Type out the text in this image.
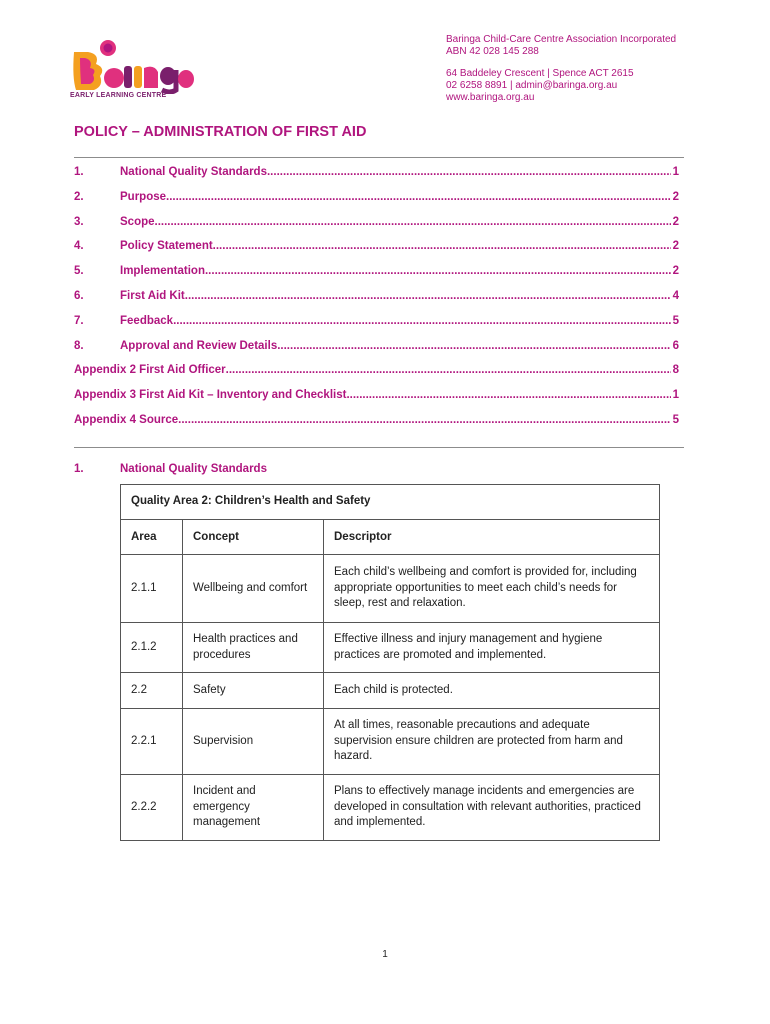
EARLY LEARNING CENTRE
Baringa Child-Care Centre Association Incorporated
ABN 42 028 145 288
64 Baddeley Crescent | Spence ACT 2615
02 6258 8891 | admin@baringa.org.au
www.baringa.org.au
POLICY – ADMINISTRATION OF FIRST AID
1.	National Quality Standards .....	1
2.	Purpose .....	2
3.	Scope .....	2
4.	Policy Statement .....	2
5.	Implementation .....	2
6.	First Aid Kit .....	4
7.	Feedback .....	5
8.	Approval and Review Details .....	6
Appendix 2 First Aid Officer .....	8
Appendix 3 First Aid Kit – Inventory and Checklist .....	1
Appendix 4 Source .....	5
1.	National Quality Standards
Quality Area 2: Children’s Health and Safety		
Area	Concept	Descriptor
2.1.1	Wellbeing and comfort	Each child’s wellbeing and comfort is provided for, including appropriate opportunities to meet each child’s needs for sleep, rest and relaxation.
2.1.2	Health practices and procedures	Effective illness and injury management and hygiene practices are promoted and implemented.
2.2	Safety	Each child is protected.
2.2.1	Supervision	At all times, reasonable precautions and adequate supervision ensure children are protected from harm and hazard.
2.2.2	Incident and emergency management	Plans to effectively manage incidents and emergencies are developed in consultation with relevant authorities, practiced and implemented.
1
